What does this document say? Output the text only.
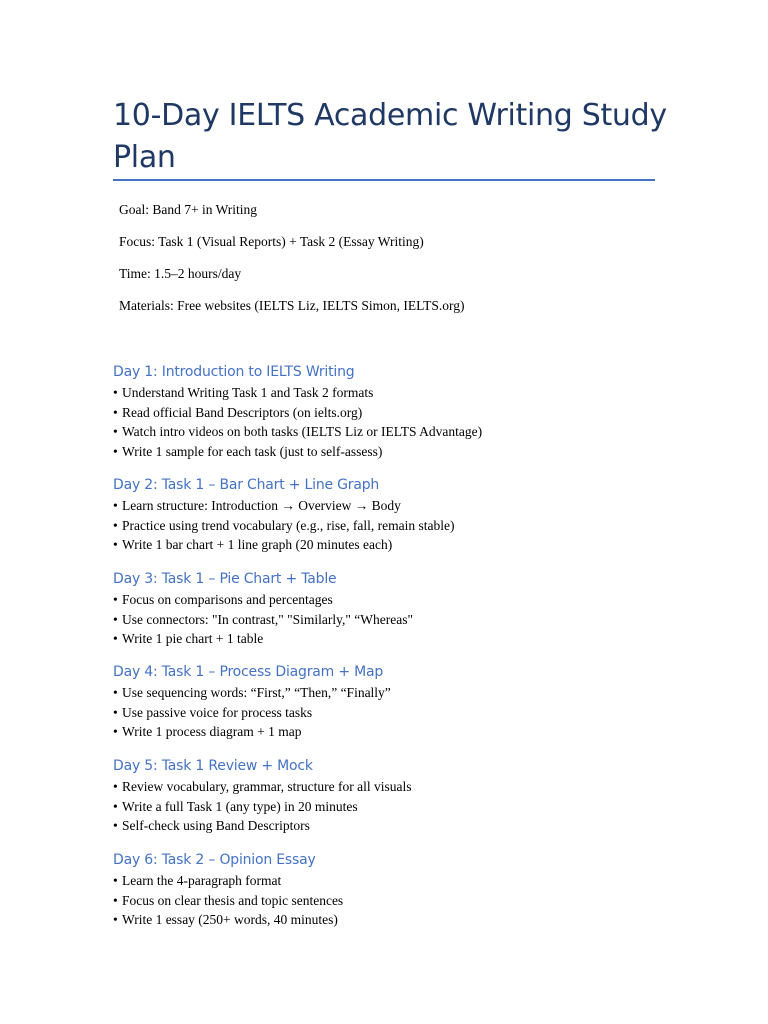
10-Day IELTS Academic Writing Study Plan
Goal: Band 7+ in Writing
Focus: Task 1 (Visual Reports) + Task 2 (Essay Writing)
Time: 1.5–2 hours/day
Materials: Free websites (IELTS Liz, IELTS Simon, IELTS.org)
Day 1: Introduction to IELTS Writing
• Understand Writing Task 1 and Task 2 formats
• Read official Band Descriptors (on ielts.org)
• Watch intro videos on both tasks (IELTS Liz or IELTS Advantage)
• Write 1 sample for each task (just to self-assess)
Day 2: Task 1 – Bar Chart + Line Graph
• Learn structure: Introduction → Overview → Body
• Practice using trend vocabulary (e.g., rise, fall, remain stable)
• Write 1 bar chart + 1 line graph (20 minutes each)
Day 3: Task 1 – Pie Chart + Table
• Focus on comparisons and percentages
• Use connectors: "In contrast," "Similarly," “Whereas"
• Write 1 pie chart + 1 table
Day 4: Task 1 – Process Diagram + Map
• Use sequencing words: “First,” “Then,” “Finally”
• Use passive voice for process tasks
• Write 1 process diagram + 1 map
Day 5: Task 1 Review + Mock
• Review vocabulary, grammar, structure for all visuals
• Write a full Task 1 (any type) in 20 minutes
• Self-check using Band Descriptors
Day 6: Task 2 – Opinion Essay
• Learn the 4-paragraph format
• Focus on clear thesis and topic sentences
• Write 1 essay (250+ words, 40 minutes)
